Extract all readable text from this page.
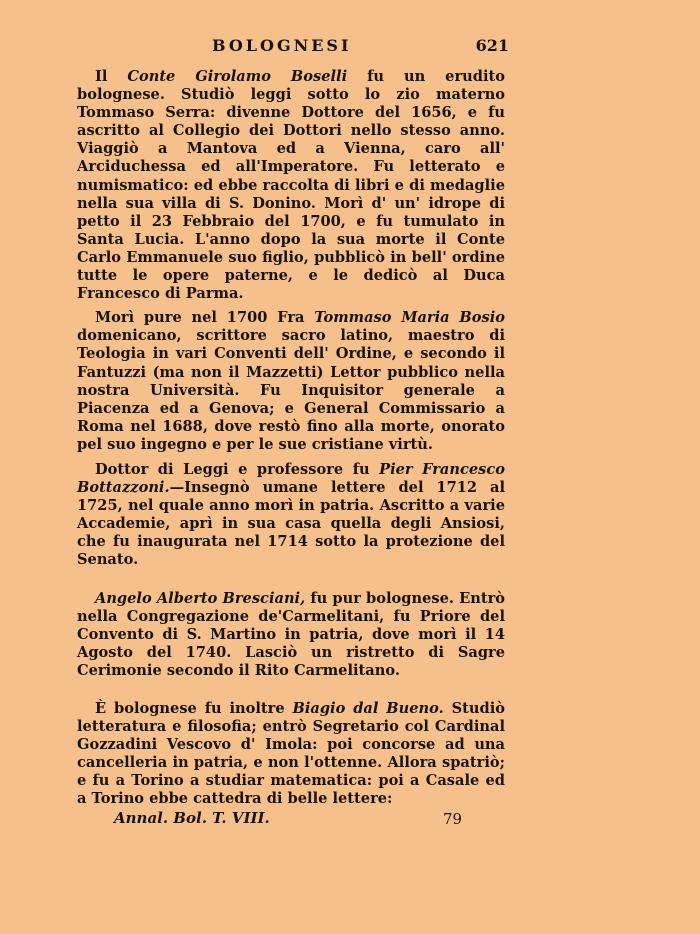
BOLOGNESI	621

Il Conte Girolamo Boselli fu un erudito bolognese. Studiò leggi sotto lo zio materno Tommaso Serra: divenne Dottore del 1656, e fu ascritto al Collegio dei Dottori nello stesso anno. Viaggiò a Mantova ed a Vienna, caro all' Arciduchessa ed all'Imperatore. Fu letterato e numismatico: ed ebbe raccolta di libri e di medaglie nella sua villa di S. Donino. Morì d' un' idrope di petto il 23 Febbraio del 1700, e fu tumulato in Santa Lucia. L'anno dopo la sua morte il Conte Carlo Emmanuele suo figlio, pubblicò in bell' ordine tutte le opere paterne, e le dedicò al Duca Francesco di Parma.

Morì pure nel 1700 Fra Tommaso Maria Bosio domenicano, scrittore sacro latino, maestro di Teologia in vari Conventi dell' Ordine, e secondo il Fantuzzi (ma non il Mazzetti) Lettor pubblico nella nostra Università. Fu Inquisitor generale a Piacenza ed a Genova; e General Commissario a Roma nel 1688, dove restò fino alla morte, onorato pel suo ingegno e per le sue cristiane virtù.

Dottor di Leggi e professore fu Pier Francesco Bottazzoni.—Insegnò umane lettere del 1712 al 1725, nel quale anno morì in patria. Ascritto a varie Accademie, aprì in sua casa quella degli Ansiosi, che fu inaugurata nel 1714 sotto la protezione del Senato.

Angelo Alberto Bresciani, fu pur bolognese. Entrò nella Congregazione de'Carmelitani, fu Priore del Convento di S. Martino in patria, dove morì il 14 Agosto del 1740. Lasciò un ristretto di Sagre Cerimonie secondo il Rito Carmelitano.

È bolognese fu inoltre Biagio dal Bueno. Studiò letteratura e filosofia; entrò Segretario col Cardinal Gozzadini Vescovo d' Imola: poi concorse ad una cancelleria in patria, e non l'ottenne. Allora spatriò; e fu a Torino a studiar matematica: poi a Casale ed a Torino ebbe cattedra di belle lettere:

Annal. Bol. T. VIII.	79
